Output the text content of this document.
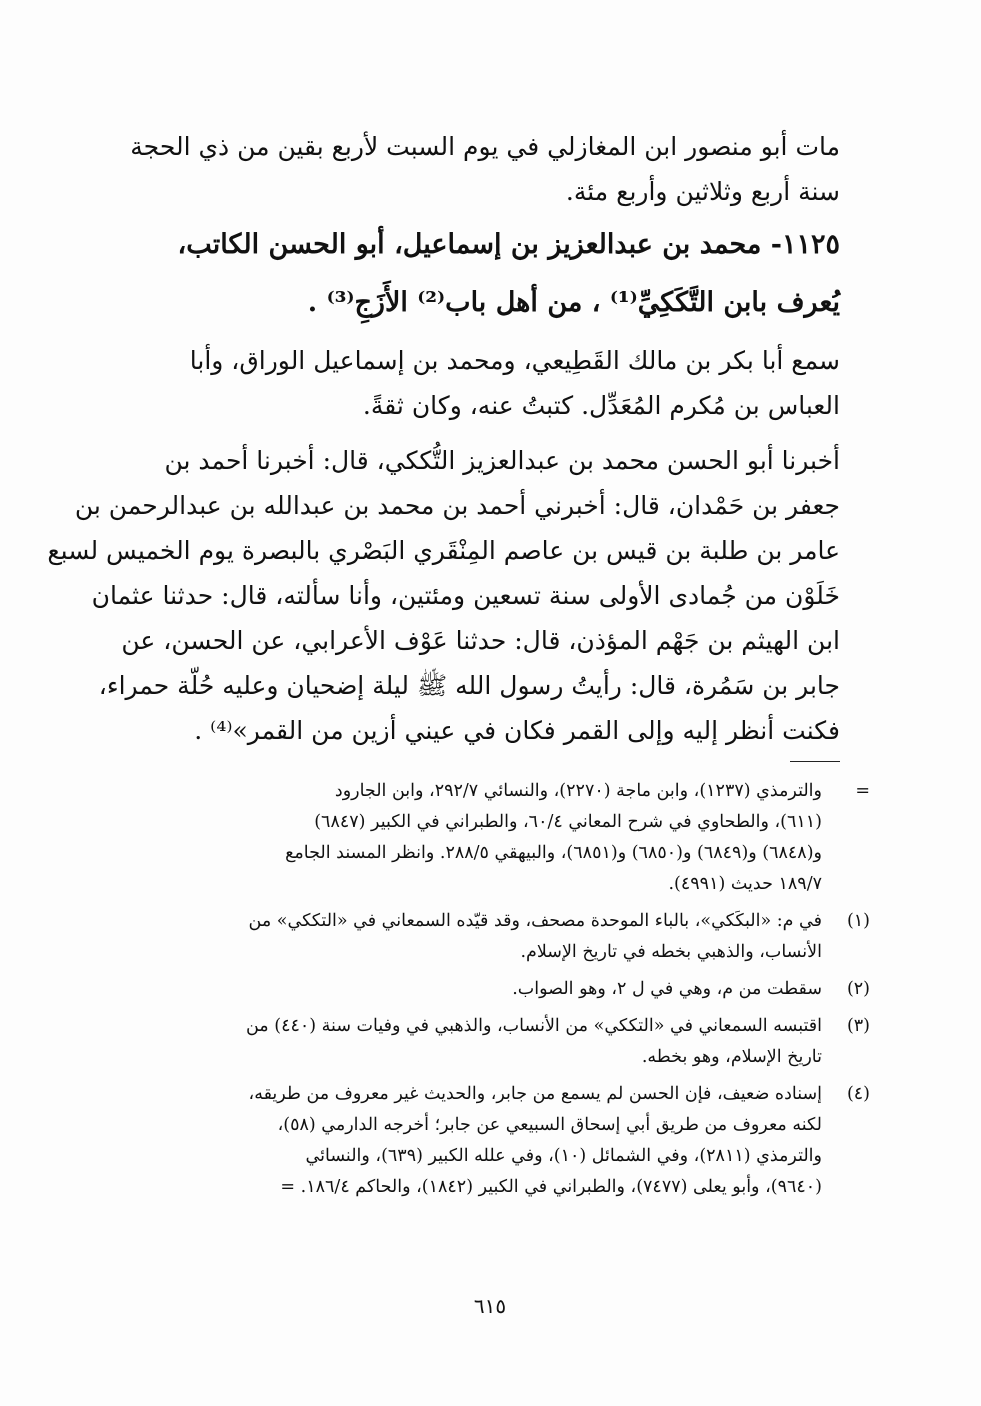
مات أبو منصور ابن المغازلي في يوم السبت لأربع بقين من ذي الحجة
سنة أربع وثلاثين وأربع مئة.
١١٢٥- محمد بن عبدالعزيز بن إسماعيل، أبو الحسن الكاتب،
يُعرف بابن التَّكَكِيِّ⁽¹⁾ ، من أهل باب⁽²⁾ الأَزَجِ⁽³⁾ .
سمع أبا بكر بن مالك القَطِيعي، ومحمد بن إسماعيل الوراق، وأبا
العباس بن مُكرم المُعَدِّل. كتبتُ عنه، وكان ثقةً.
أخبرنا أبو الحسن محمد بن عبدالعزيز التُّككي، قال: أخبرنا أحمد بن
جعفر بن حَمْدان، قال: أخبرني أحمد بن محمد بن عبدالله بن عبدالرحمن بن
عامر بن طلبة بن قيس بن عاصم المِنْقَري البَصْري بالبصرة يوم الخميس لسبع
خَلَوْن من جُمادى الأولى سنة تسعين ومئتين، وأنا سألته، قال: حدثنا عثمان
ابن الهيثم بن جَهْم المؤذن، قال: حدثنا عَوْف الأعرابي، عن الحسن، عن
جابر بن سَمُرة، قال: رأيتُ رسول الله ﷺ ليلة إضحيان وعليه حُلّة حمراء،
فكنت أنظر إليه وإلى القمر فكان في عيني أزين من القمر»⁽⁴⁾ .
=
والترمذي (١٢٣٧)، وابن ماجة (٢٢٧٠)، والنسائي ٢٩٢/٧، وابن الجارود
(٦١١)، والطحاوي في شرح المعاني ٦٠/٤، والطبراني في الكبير (٦٨٤٧)
و(٦٨٤٨) و(٦٨٤٩) و(٦٨٥٠) و(٦٨٥١)، والبيهقي ٢٨٨/٥. وانظر المسند الجامع
١٨٩/٧ حديث (٤٩٩١).
(١)
في م: «البكَكي»، بالباء الموحدة مصحف، وقد قيّده السمعاني في «التككي» من
الأنساب، والذهبي بخطه في تاريخ الإسلام.
(٢)
سقطت من م، وهي في ل ٢، وهو الصواب.
(٣)
اقتبسه السمعاني في «التككي» من الأنساب، والذهبي في وفيات سنة (٤٤٠) من
تاريخ الإسلام، وهو بخطه.
(٤)
إسناده ضعيف، فإن الحسن لم يسمع من جابر، والحديث غير معروف من طريقه،
لكنه معروف من طريق أبي إسحاق السبيعي عن جابر؛ أخرجه الدارمي (٥٨)،
والترمذي (٢٨١١)، وفي الشمائل (١٠)، وفي علله الكبير (٦٣٩)، والنسائي
(٩٦٤٠)، وأبو يعلى (٧٤٧٧)، والطبراني في الكبير (١٨٤٢)، والحاكم ١٨٦/٤. =
٦١٥
